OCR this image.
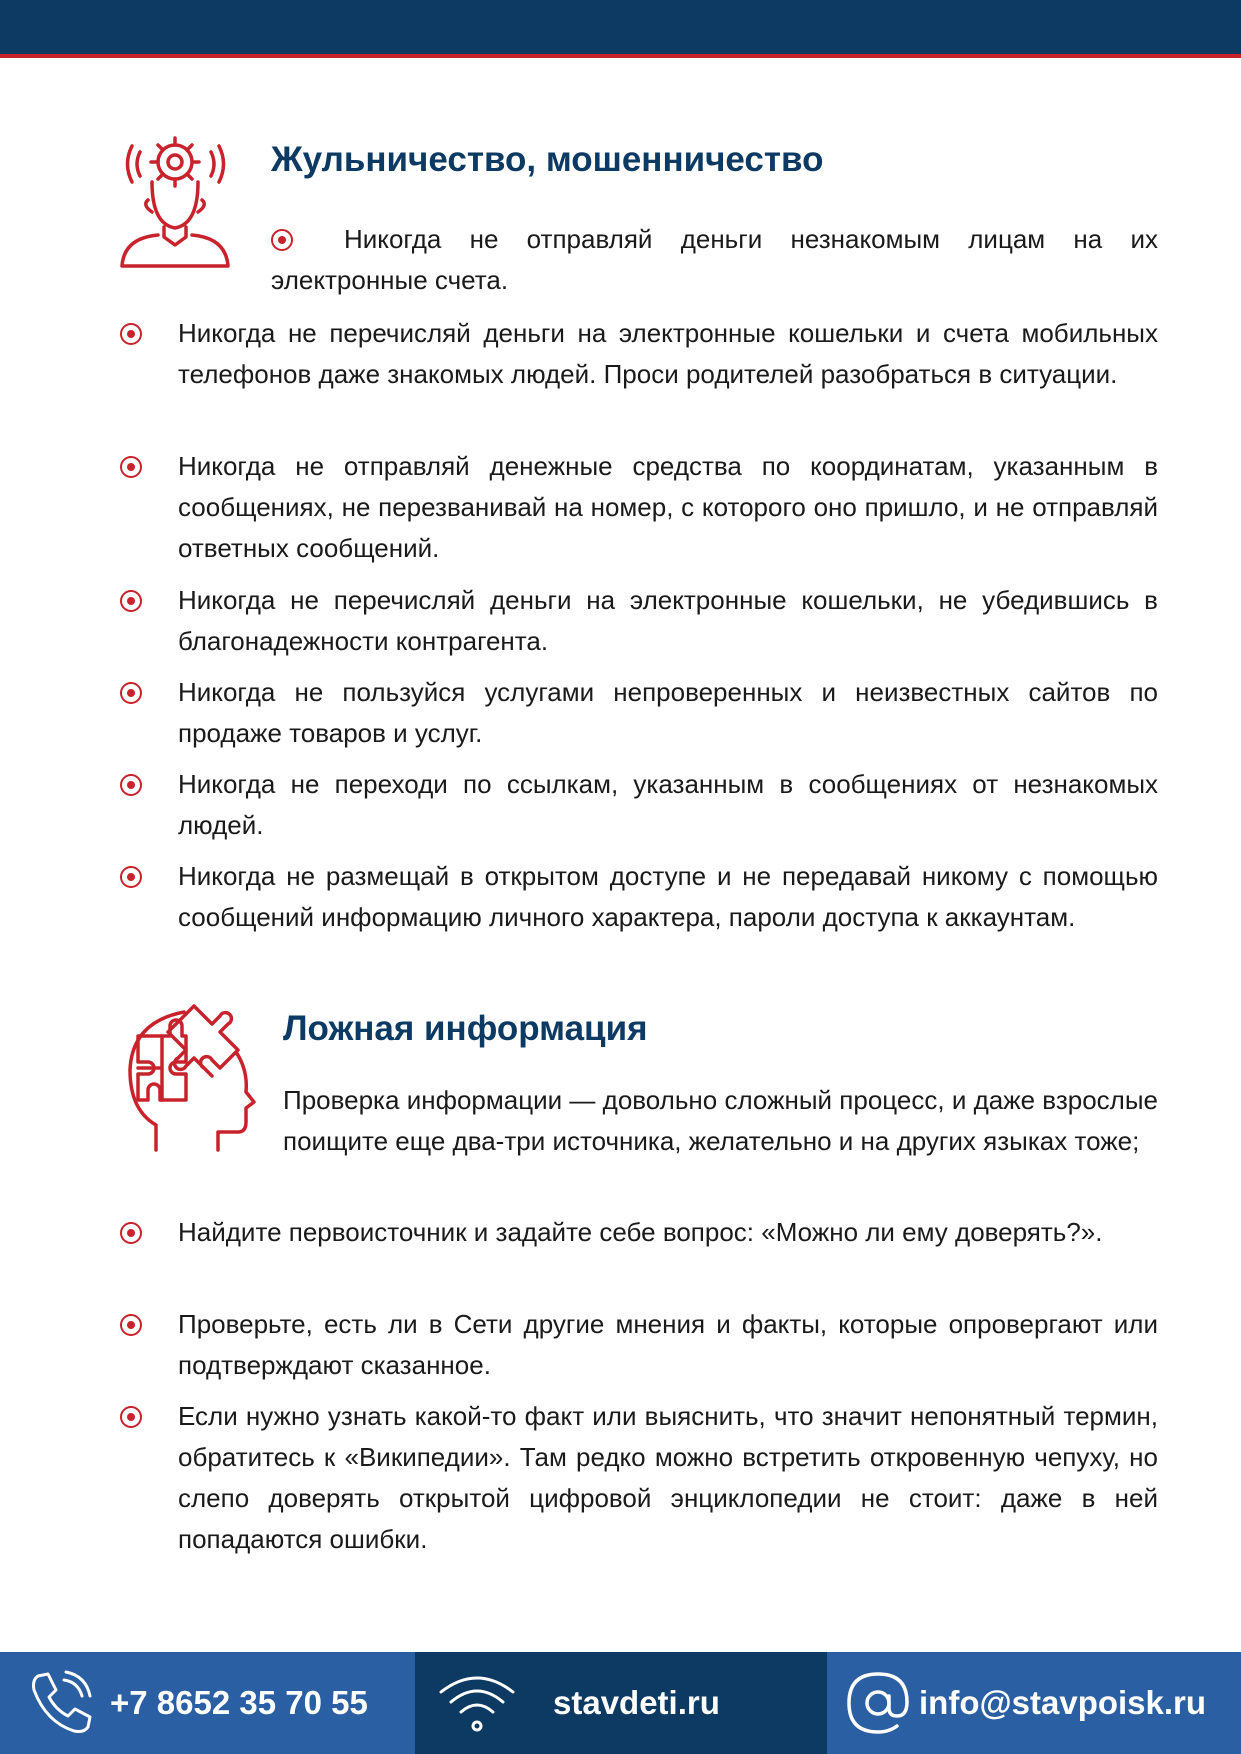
Жульничество, мошенничество

Никогда не отправляй деньги незнакомым лицам на их электронные счета.

Никогда не перечисляй деньги на электронные кошельки и счета мобильных телефонов даже знакомых людей. Проси родителей разобраться в ситуации.

Никогда не отправляй денежные средства по координатам, указанным в сообщениях, не перезванивай на номер, с которого оно пришло, и не отправляй ответных сообщений.

Никогда не перечисляй деньги на электронные кошельки, не убедившись в благонадежности контрагента.

Никогда не пользуйся услугами непроверенных и неизвестных сайтов по продаже товаров и услуг.

Никогда не переходи по ссылкам, указанным в сообщениях от незнакомых людей.

Никогда не размещай в открытом доступе и не передавай никому с помощью сообщений информацию личного характера, пароли доступа к аккаунтам.

Ложная информация

Проверка информации — довольно сложный процесс, и даже взрослые поищите еще два-три источника, желательно и на других языках тоже;

Найдите первоисточник и задайте себе вопрос: «Можно ли ему доверять?».

Проверьте, есть ли в Сети другие мнения и факты, которые опровергают или подтверждают сказанное.

Если нужно узнать какой-то факт или выяснить, что значит непонятный термин, обратитесь к «Википедии». Там редко можно встретить откровенную чепуху, но слепо доверять открытой цифровой энциклопедии не стоит: даже в ней попадаются ошибки.

+7 8652 35 70 55	stavdeti.ru	info@stavpoisk.ru
